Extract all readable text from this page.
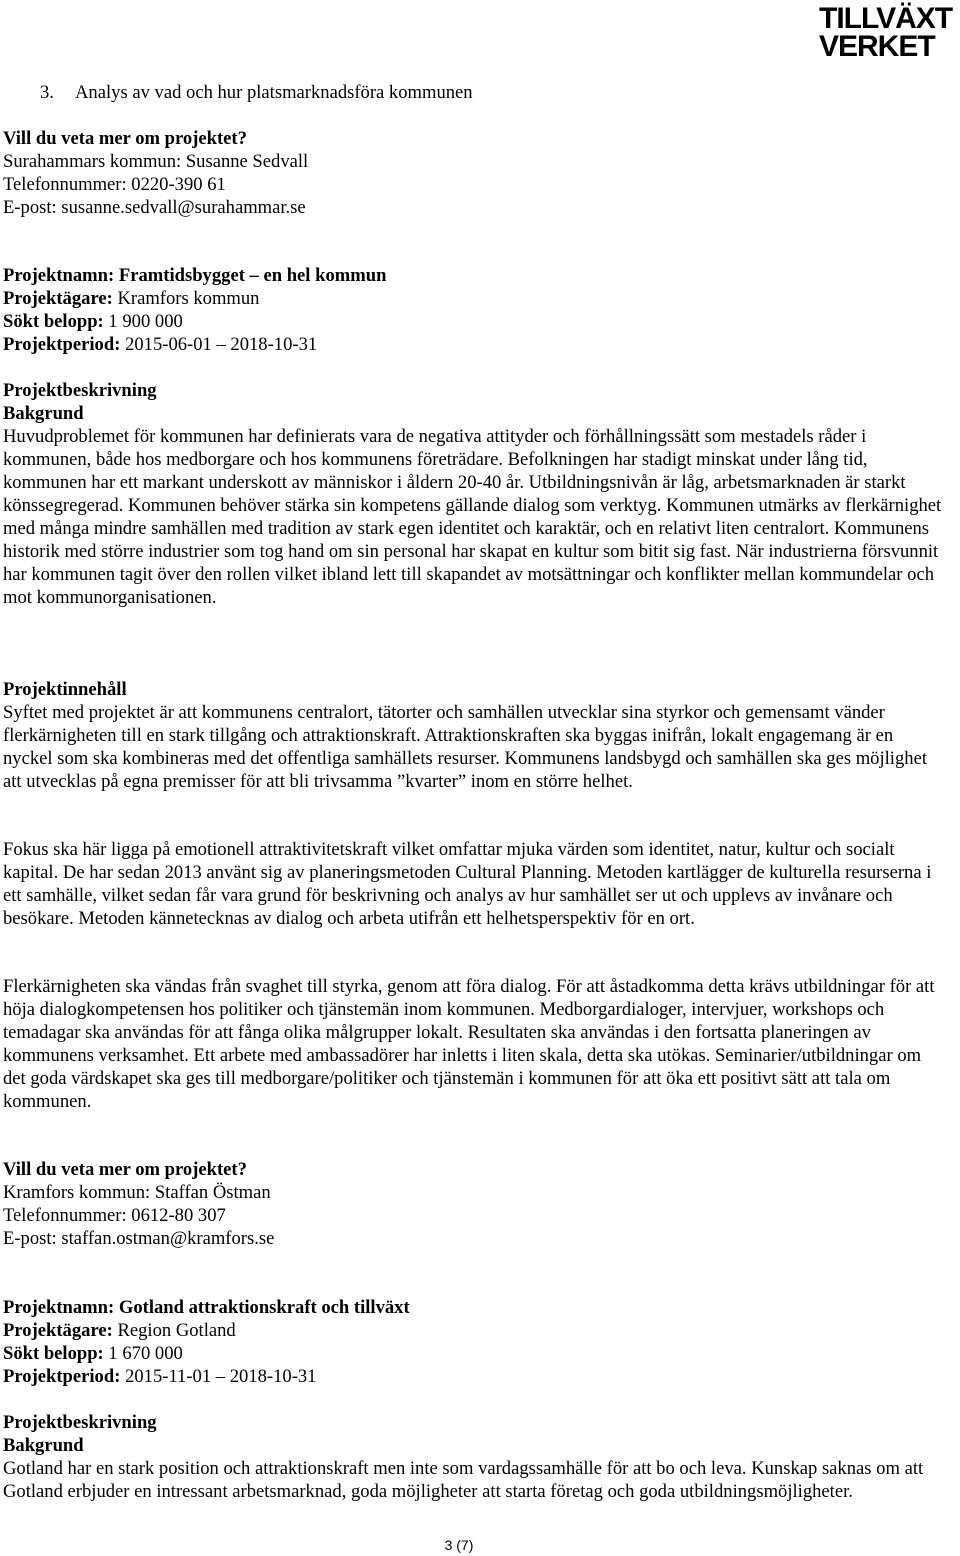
TILLVÄXT
VERKET
3. Analys av vad och hur platsmarknadsföra kommunen
Vill du veta mer om projektet?
Surahammars kommun: Susanne Sedvall
Telefonnummer: 0220-390 61
E-post: susanne.sedvall@surahammar.se
Projektnamn: Framtidsbygget – en hel kommun
Projektägare: Kramfors kommun
Sökt belopp: 1 900 000
Projektperiod: 2015-06-01 – 2018-10-31
Projektbeskrivning
Bakgrund
Huvudproblemet för kommunen har definierats vara de negativa attityder och förhållningssätt som mestadels råder i kommunen, både hos medborgare och hos kommunens företrädare. Befolkningen har stadigt minskat under lång tid, kommunen har ett markant underskott av människor i åldern 20-40 år. Utbildningsnivån är låg, arbetsmarknaden är starkt könssegregerad. Kommunen behöver stärka sin kompetens gällande dialog som verktyg. Kommunen utmärks av flerkärnighet med många mindre samhällen med tradition av stark egen identitet och karaktär, och en relativt liten centralort. Kommunens historik med större industrier som tog hand om sin personal har skapat en kultur som bitit sig fast. När industrierna försvunnit har kommunen tagit över den rollen vilket ibland lett till skapandet av motsättningar och konflikter mellan kommundelar och mot kommunorganisationen.
Projektinnehåll
Syftet med projektet är att kommunens centralort, tätorter och samhällen utvecklar sina styrkor och gemensamt vänder flerkärnigheten till en stark tillgång och attraktionskraft. Attraktionskraften ska byggas inifrån, lokalt engagemang är en nyckel som ska kombineras med det offentliga samhällets resurser. Kommunens landsbygd och samhällen ska ges möjlighet att utvecklas på egna premisser för att bli trivsamma ”kvarter” inom en större helhet.
Fokus ska här ligga på emotionell attraktivitetskraft vilket omfattar mjuka värden som identitet, natur, kultur och socialt kapital. De har sedan 2013 använt sig av planeringsmetoden Cultural Planning. Metoden kartlägger de kulturella resurserna i ett samhälle, vilket sedan får vara grund för beskrivning och analys av hur samhället ser ut och upplevs av invånare och besökare. Metoden kännetecknas av dialog och arbeta utifrån ett helhetsperspektiv för en ort.
Flerkärnigheten ska vändas från svaghet till styrka, genom att föra dialog. För att åstadkomma detta krävs utbildningar för att höja dialogkompetensen hos politiker och tjänstemän inom kommunen. Medborgardialoger, intervjuer, workshops och temadagar ska användas för att fånga olika målgrupper lokalt. Resultaten ska användas i den fortsatta planeringen av kommunens verksamhet. Ett arbete med ambassadörer har inletts i liten skala, detta ska utökas. Seminarier/utbildningar om det goda värdskapet ska ges till medborgare/politiker och tjänstemän i kommunen för att öka ett positivt sätt att tala om kommunen.
Vill du veta mer om projektet?
Kramfors kommun: Staffan Östman
Telefonnummer: 0612-80 307
E-post: staffan.ostman@kramfors.se
Projektnamn: Gotland attraktionskraft och tillväxt
Projektägare: Region Gotland
Sökt belopp: 1 670 000
Projektperiod: 2015-11-01 – 2018-10-31
Projektbeskrivning
Bakgrund
Gotland har en stark position och attraktionskraft men inte som vardagssamhälle för att bo och leva. Kunskap saknas om att Gotland erbjuder en intressant arbetsmarknad, goda möjligheter att starta företag och goda utbildningsmöjligheter.
3 (7)
